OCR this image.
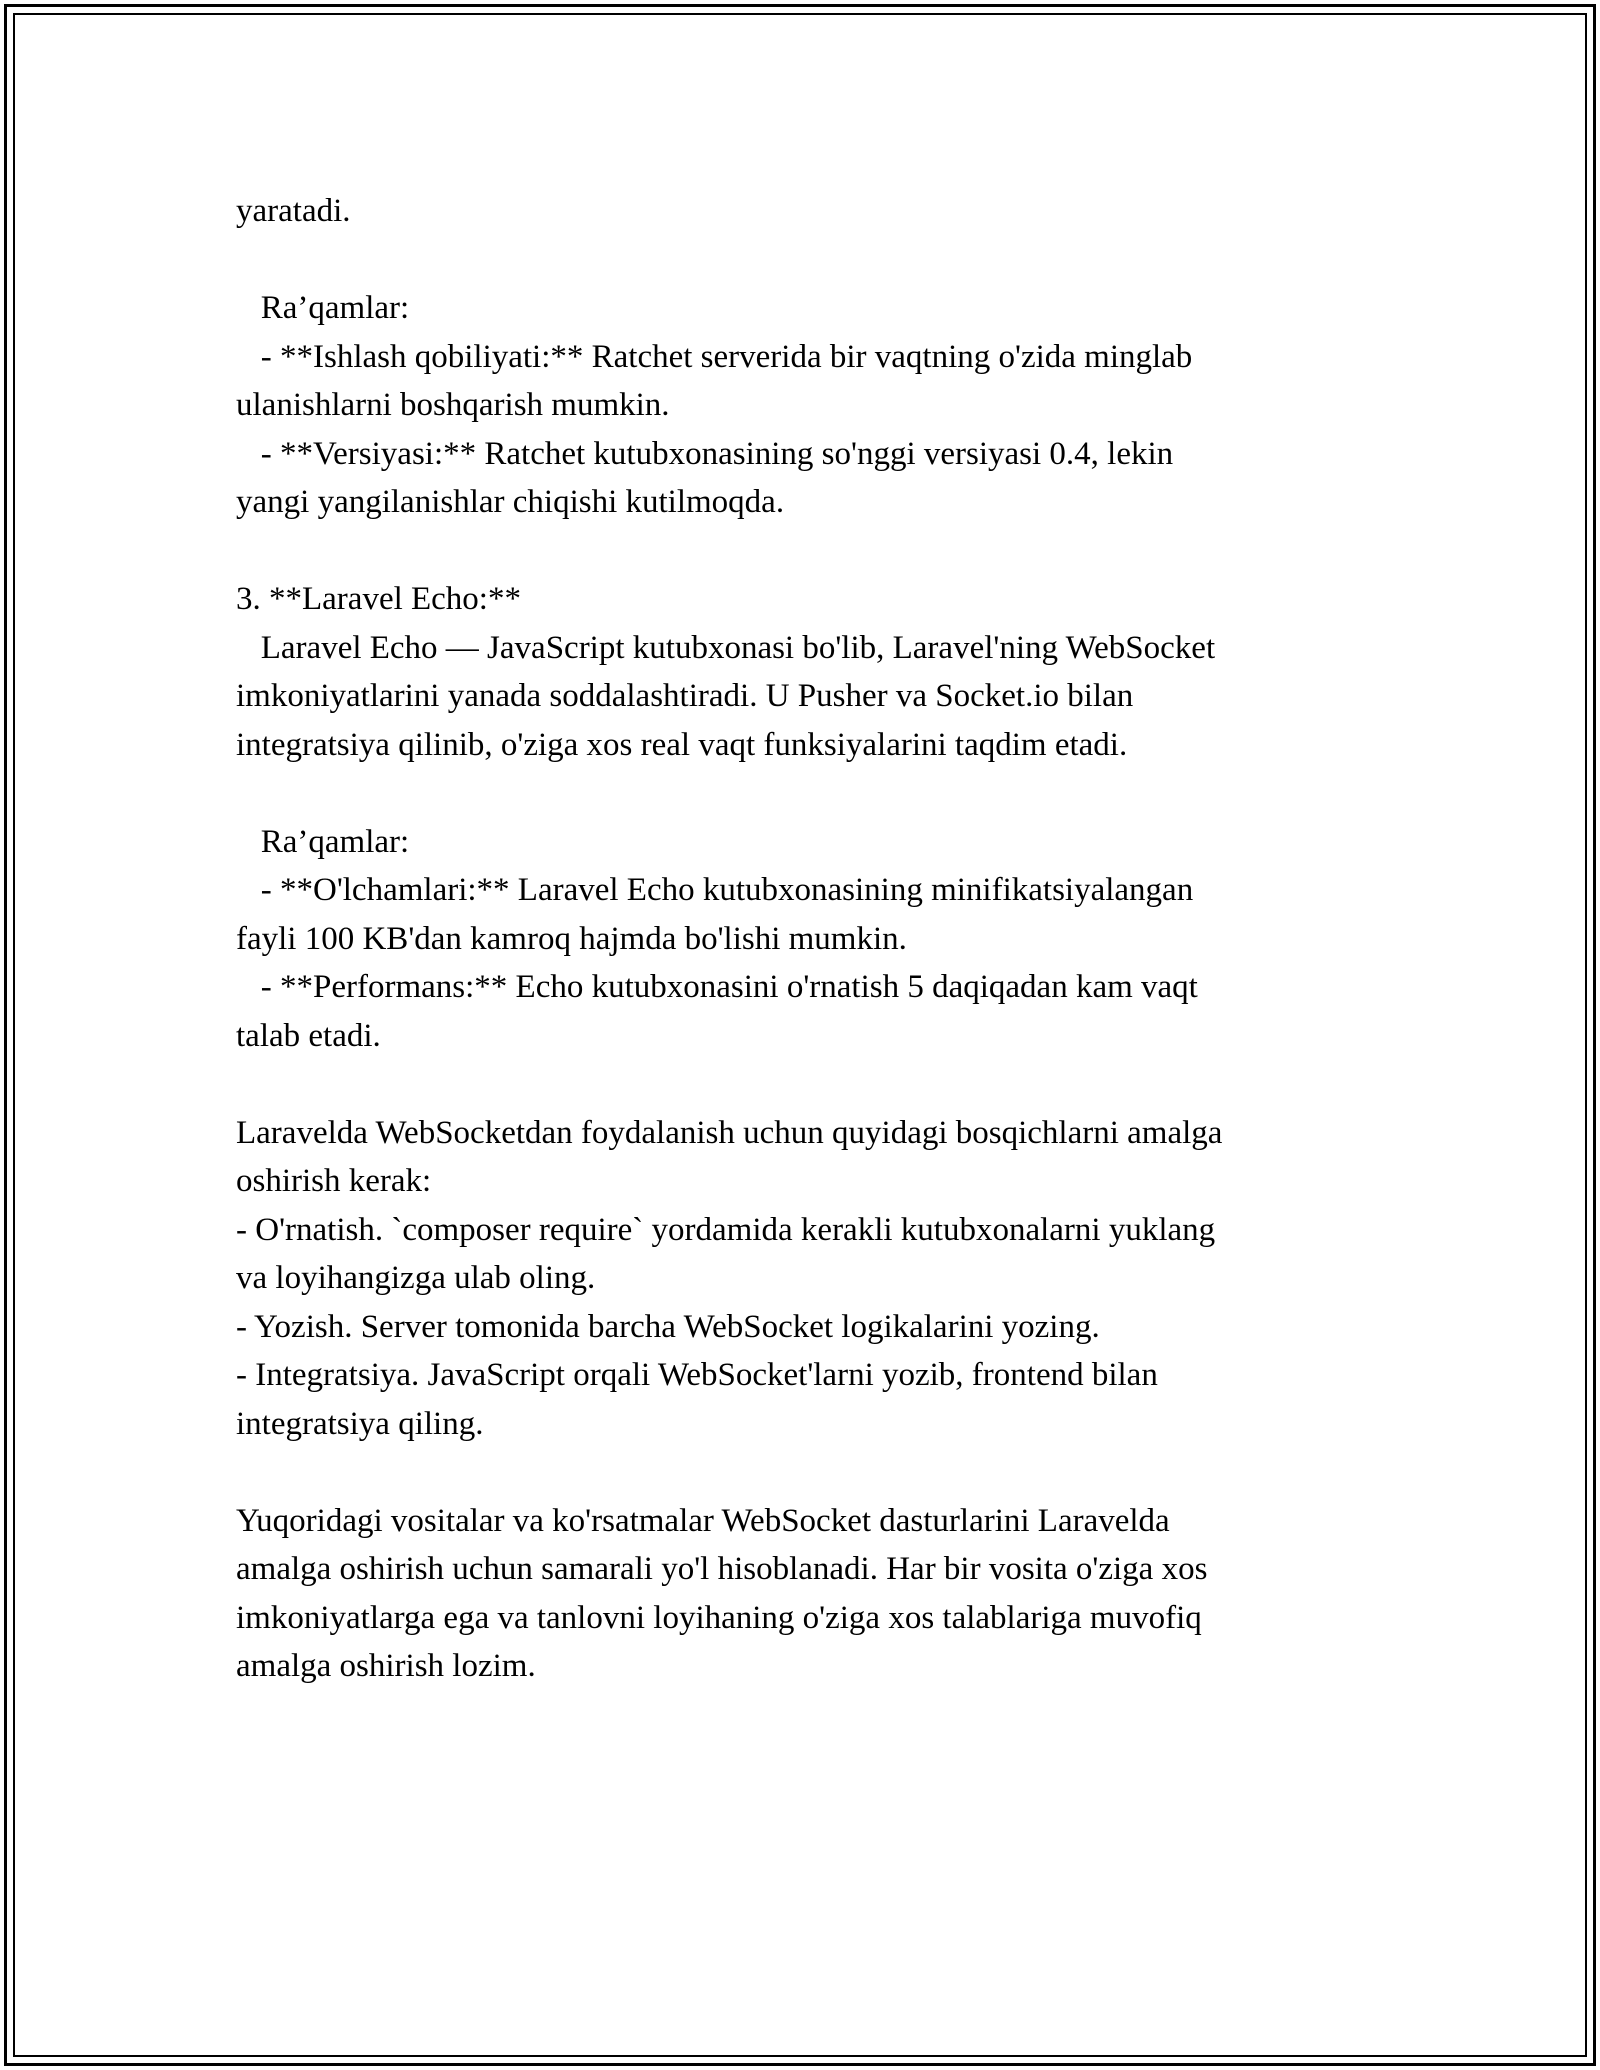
yaratadi.

Ra’qamlar:

- **Ishlash qobiliyati:** Ratchet serverida bir vaqtning o'zida minglab

ulanishlarni boshqarish mumkin.

- **Versiyasi:** Ratchet kutubxonasining so'nggi versiyasi 0.4, lekin

yangi yangilanishlar chiqishi kutilmoqda.

3. **Laravel Echo:**

Laravel Echo — JavaScript kutubxonasi bo'lib, Laravel'ning WebSocket

imkoniyatlarini yanada soddalashtiradi. U Pusher va Socket.io bilan

integratsiya qilinib, o'ziga xos real vaqt funksiyalarini taqdim etadi.

Ra’qamlar:

- **O'lchamlari:** Laravel Echo kutubxonasining minifikatsiyalangan

fayli 100 KB'dan kamroq hajmda bo'lishi mumkin.

- **Performans:** Echo kutubxonasini o'rnatish 5 daqiqadan kam vaqt

talab etadi.

Laravelda WebSocketdan foydalanish uchun quyidagi bosqichlarni amalga

oshirish kerak:

- O'rnatish. `composer require` yordamida kerakli kutubxonalarni yuklang

va loyihangizga ulab oling.

- Yozish. Server tomonida barcha WebSocket logikalarini yozing.

- Integratsiya. JavaScript orqali WebSocket'larni yozib, frontend bilan

integratsiya qiling.

Yuqoridagi vositalar va ko'rsatmalar WebSocket dasturlarini Laravelda

amalga oshirish uchun samarali yo'l hisoblanadi. Har bir vosita o'ziga xos

imkoniyatlarga ega va tanlovni loyihaning o'ziga xos talablariga muvofiq

amalga oshirish lozim.
